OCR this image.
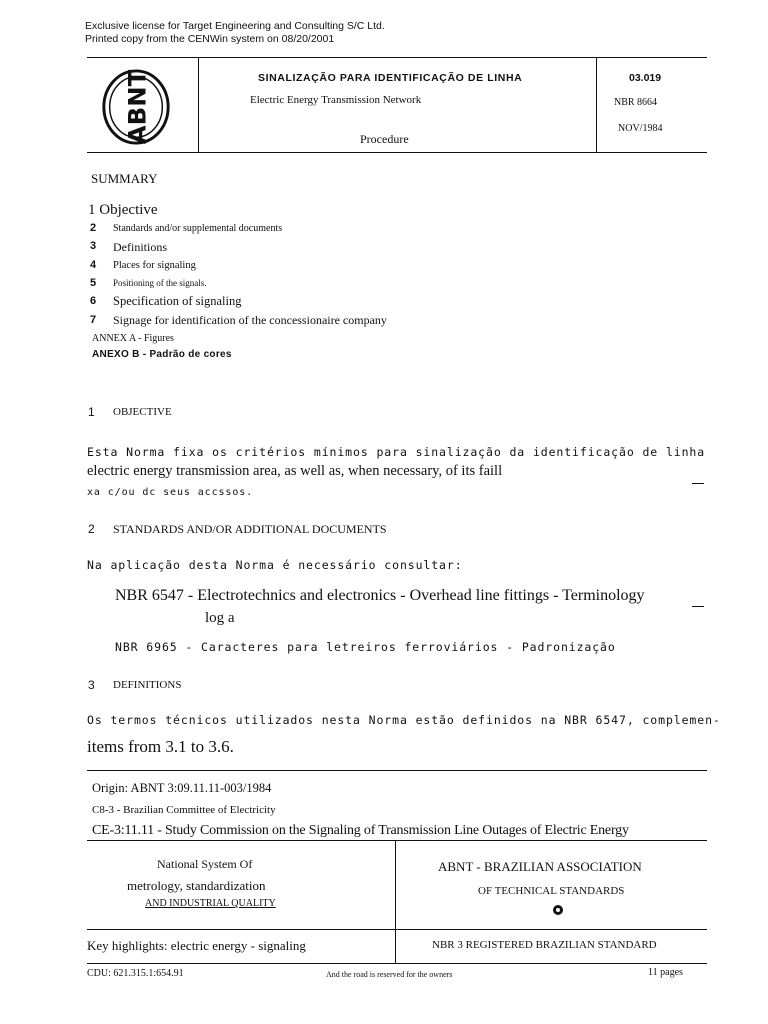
Exclusive license for Target Engineering and Consulting S/C Ltd.
Printed copy from the CENWin system on 08/20/2001
ABNT	SINALIZAÇÃO PARA IDENTIFICAÇÃO DE LINHA
Electric Energy Transmission Network
Procedure
03.019
NBR 8664
NOV/1984
SUMMARY
1 Objective
2 Standards and/or supplemental documents
3 Definitions
4 Places for signaling
5 Positioning of the signals.
6 Specification of signaling
7 Signage for identification of the concessionaire company
ANNEX A - Figures
ANEXO B - Padrão de cores
1 OBJECTIVE
Esta Norma fixa os critérios mínimos para sinalização da identificação de linha
electric energy transmission area, as well as, when necessary, of its faill
xa c/ou dc seus accssos.
2 STANDARDS AND/OR ADDITIONAL DOCUMENTS
Na aplicação desta Norma é necessário consultar:
NBR 6547 - Electrotechnics and electronics - Overhead line fittings - Terminology
log a
NBR 6965 - Caracteres para letreiros ferroviários - Padronização
3 DEFINITIONS
Os termos técnicos utilizados nesta Norma estão definidos na NBR 6547, complemen-
items from 3.1 to 3.6.
Origin: ABNT 3:09.11.11-003/1984
C8-3 - Brazilian Committee of Electricity
CE-3:11.11 - Study Commission on the Signaling of Transmission Line Outages of Electric Energy
National System Of
metrology, standardization
AND INDUSTRIAL QUALITY
ABNT - BRAZILIAN ASSOCIATION
OF TECHNICAL STANDARDS
Key highlights: electric energy - signaling	NBR 3 REGISTERED BRAZILIAN STANDARD
CDU: 621.315.1:654.91	And the road is reserved for the owners	11 pages
